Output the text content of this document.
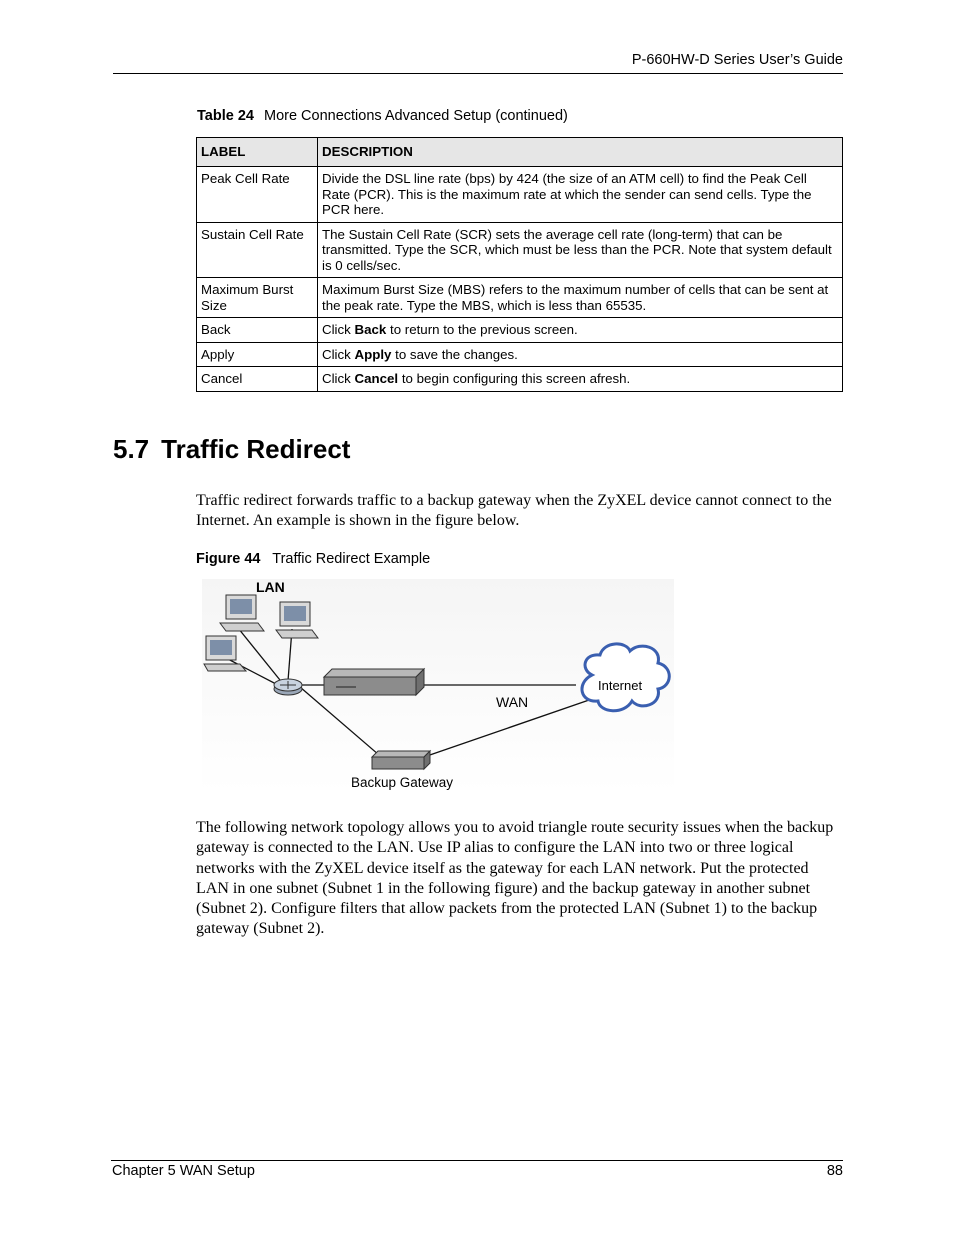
P-660HW-D Series User’s Guide
Table 24 More Connections Advanced Setup (continued)
LABEL	DESCRIPTION
Peak Cell Rate	Divide the DSL line rate (bps) by 424 (the size of an ATM cell) to find the Peak Cell Rate (PCR). This is the maximum rate at which the sender can send cells. Type the PCR here.
Sustain Cell Rate	The Sustain Cell Rate (SCR) sets the average cell rate (long-term) that can be transmitted. Type the SCR, which must be less than the PCR. Note that system default is 0 cells/sec.
Maximum Burst Size	Maximum Burst Size (MBS) refers to the maximum number of cells that can be sent at the peak rate. Type the MBS, which is less than 65535.
Back	Click Back to return to the previous screen.
Apply	Click Apply to save the changes.
Cancel	Click Cancel to begin configuring this screen afresh.
5.7 Traffic Redirect
Traffic redirect forwards traffic to a backup gateway when the ZyXEL device cannot connect to the Internet. An example is shown in the figure below.
Figure 44 Traffic Redirect Example
LAN
WAN
Internet
Backup Gateway
The following network topology allows you to avoid triangle route security issues when the backup gateway is connected to the LAN. Use IP alias to configure the LAN into two or three logical networks with the ZyXEL device itself as the gateway for each LAN network. Put the protected LAN in one subnet (Subnet 1 in the following figure) and the backup gateway in another subnet (Subnet 2). Configure filters that allow packets from the protected LAN (Subnet 1) to the backup gateway (Subnet 2).
Chapter 5 WAN Setup	88
